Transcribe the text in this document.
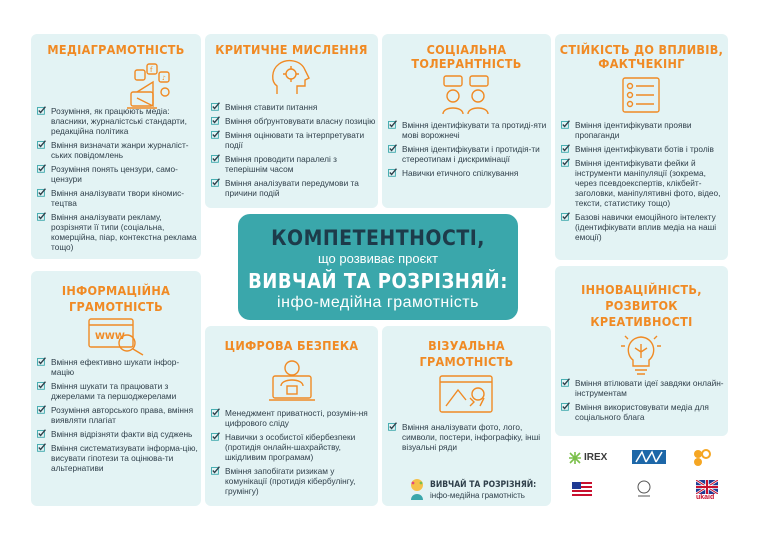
МЕДІАГРАМОТНІСТЬ
f
♪
Розуміння, як працюють медіа: власники, журналістські стандарти, редакційна політика
Вміння визначати жанри журналіст-ських повідомлень
Розуміння понять цензури, само-цензури
Вміння аналізувати твори кіномис-тецтва
Вміння аналізувати рекламу, розрізняти її типи (соціальна, комерційна, піар, контекстна реклама тощо)
КРИТИЧНЕ МИСЛЕННЯ
Вміння ставити питання
Вміння обґрунтовувати власну позицію
Вміння оцінювати та інтерпретувати події
Вміння проводити паралелі з теперішнім часом
Вміння аналізувати передумови та причини подій
СОЦІАЛЬНА
ТОЛЕРАНТНІСТЬ
Вміння ідентифікувати та протиді-яти мові ворожнечі
Вміння ідентифікувати і протидія-ти стереотипам і дискримінації
Навички етичного спілкування
СТІЙКІСТЬ ДО ВПЛИВІВ,
ФАКТЧЕКІНГ
Вміння ідентифікувати прояви пропаганди
Вміння ідентифікувати ботів і тролів
Вміння ідентифікувати фейки й інструменти маніпуляції (зокрема, через псевдоекспертів, клікбейт-заголовки, маніпулятивні фото, відео, тексти, статистику тощо)
Базові навички емоційного інтелекту (ідентифікувати вплив медіа на наші емоції)
ІНФОРМАЦІЙНА
ГРАМОТНІСТЬ
WWW
Вміння ефективно шукати інфор-мацію
Вміння шукати та працювати з джерелами та першоджерелами
Розуміння авторського права, вміння виявляти плагіат
Вміння відрізняти факти від суджень
Вміння систематизувати інформа-цію, висувати гіпотези та оцінюва-ти альтернативи
ЦИФРОВА БЕЗПЕКА
Менеджмент приватності, розумін-ня цифрового сліду
Навички з особистої кібербезпеки (протидія онлайн-шахрайству, шкідливим програмам)
Вміння запобігати ризикам у комунікації (протидія кібербулінгу, грумінгу)
ВІЗУАЛЬНА
ГРАМОТНІСТЬ
Вміння аналізувати фото, лого, символи, постери, інфографіку, інші візуальні ряди
ІННОВАЦІЙНІСТЬ,
РОЗВИТОК
КРЕАТИВНОСТІ
Вміння втілювати ідеї завдяки онлайн-інструментам
Вміння використовувати медіа для соціального блага
КОМПЕТЕНТНОСТІ,
що розвиває проєкт
ВИВЧАЙ ТА РОЗРІЗНЯЙ:
інфо-медійна грамотність
ВИВЧАЙ ТА РОЗРІЗНЯЙ:
інфо-медійна грамотність
IREX
ukaid
